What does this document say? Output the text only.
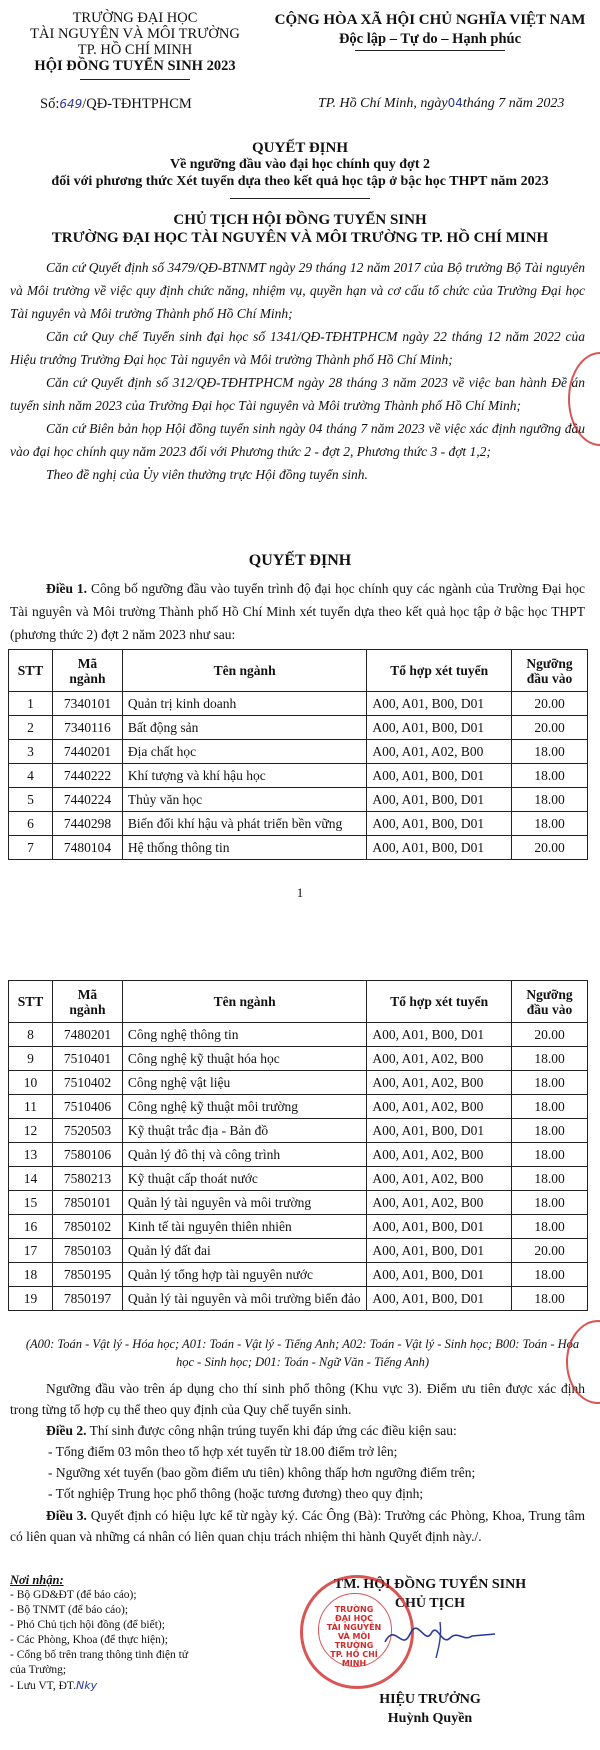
TRƯỜNG ĐẠI HỌC
TÀI NGUYÊN VÀ MÔI TRƯỜNG
TP. HỒ CHÍ MINH
HỘI ĐỒNG TUYỂN SINH 2023
Số:649/QĐ-TĐHTPHCM
CỘNG HÒA XÃ HỘI CHỦ NGHĨA VIỆT NAM
Độc lập – Tự do – Hạnh phúc
TP. Hồ Chí Minh, ngày04tháng 7 năm 2023
QUYẾT ĐỊNH
Về ngưỡng đầu vào đại học chính quy đợt 2
đối với phương thức Xét tuyển dựa theo kết quả học tập ở bậc học THPT năm 2023
CHỦ TỊCH HỘI ĐỒNG TUYỂN SINH
TRƯỜNG ĐẠI HỌC TÀI NGUYÊN VÀ MÔI TRƯỜNG TP. HỒ CHÍ MINH

Căn cứ Quyết định số 3479/QĐ-BTNMT ngày 29 tháng 12 năm 2017 của Bộ trưởng Bộ Tài nguyên và Môi trường về việc quy định chức năng, nhiệm vụ, quyền hạn và cơ cấu tổ chức của Trường Đại học Tài nguyên và Môi trường Thành phố Hồ Chí Minh;

Căn cứ Quy chế Tuyển sinh đại học số 1341/QĐ-TĐHTPHCM ngày 22 tháng 12 năm 2022 của Hiệu trưởng Trường Đại học Tài nguyên và Môi trường Thành phố Hồ Chí Minh;

Căn cứ Quyết định số 312/QĐ-TĐHTPHCM ngày 28 tháng 3 năm 2023 về việc ban hành Đề án tuyển sinh năm 2023 của Trường Đại học Tài nguyên và Môi trường Thành phố Hồ Chí Minh;

Căn cứ Biên bản họp Hội đồng tuyển sinh ngày 04 tháng 7 năm 2023 về việc xác định ngưỡng đầu vào đại học chính quy năm 2023 đối với Phương thức 2 - đợt 2, Phương thức 3 - đợt 1,2;

Theo đề nghị của Ủy viên thường trực Hội đồng tuyển sinh.

QUYẾT ĐỊNH

Điều 1. Công bố ngưỡng đầu vào tuyển trình độ đại học chính quy các ngành của Trường Đại học Tài nguyên và Môi trường Thành phố Hồ Chí Minh xét tuyển dựa theo kết quả học tập ở bậc học THPT (phương thức 2) đợt 2 năm 2023 như sau:

STT	Mã
ngành	Tên ngành	Tổ hợp xét tuyển	Ngưỡng
đầu vào
1	7340101	Quản trị kinh doanh	A00, A01, B00, D01	20.00
2	7340116	Bất động sản	A00, A01, B00, D01	20.00
3	7440201	Địa chất học	A00, A01, A02, B00	18.00
4	7440222	Khí tượng và khí hậu học	A00, A01, B00, D01	18.00
5	7440224	Thủy văn học	A00, A01, B00, D01	18.00
6	7440298	Biến đổi khí hậu và phát triển bền vững	A00, A01, B00, D01	18.00
7	7480104	Hệ thống thông tin	A00, A01, B00, D01	20.00
1
STT	Mã
ngành	Tên ngành	Tổ hợp xét tuyển	Ngưỡng
đầu vào
8	7480201	Công nghệ thông tin	A00, A01, B00, D01	20.00
9	7510401	Công nghệ kỹ thuật hóa học	A00, A01, A02, B00	18.00
10	7510402	Công nghệ vật liệu	A00, A01, A02, B00	18.00
11	7510406	Công nghệ kỹ thuật môi trường	A00, A01, A02, B00	18.00
12	7520503	Kỹ thuật trắc địa - Bản đồ	A00, A01, B00, D01	18.00
13	7580106	Quản lý đô thị và công trình	A00, A01, A02, B00	18.00
14	7580213	Kỹ thuật cấp thoát nước	A00, A01, A02, B00	18.00
15	7850101	Quản lý tài nguyên và môi trường	A00, A01, A02, B00	18.00
16	7850102	Kinh tế tài nguyên thiên nhiên	A00, A01, B00, D01	18.00
17	7850103	Quản lý đất đai	A00, A01, B00, D01	20.00
18	7850195	Quản lý tổng hợp tài nguyên nước	A00, A01, B00, D01	18.00
19	7850197	Quản lý tài nguyên và môi trường biển đảo	A00, A01, B00, D01	18.00
(A00: Toán - Vật lý - Hóa học; A01: Toán - Vật lý - Tiếng Anh; A02: Toán - Vật lý - Sinh học; B00: Toán - Hóa học - Sinh học; D01: Toán - Ngữ Văn - Tiếng Anh)

Ngưỡng đầu vào trên áp dụng cho thí sinh phổ thông (Khu vực 3). Điểm ưu tiên được xác định trong từng tổ hợp cụ thể theo quy định của Quy chế tuyển sinh.

Điều 2. Thí sinh được công nhận trúng tuyển khi đáp ứng các điều kiện sau:

- Tổng điểm 03 môn theo tổ hợp xét tuyển từ 18.00 điểm trở lên;
- Ngưỡng xét tuyển (bao gồm điểm ưu tiên) không thấp hơn ngưỡng điểm trên;
- Tốt nghiệp Trung học phổ thông (hoặc tương đương) theo quy định;

Điều 3. Quyết định có hiệu lực kể từ ngày ký. Các Ông (Bà): Trưởng các Phòng, Khoa, Trung tâm có liên quan và những cá nhân có liên quan chịu trách nhiệm thi hành Quyết định này./.

Nơi nhận:
- Bộ GD&ĐT (để báo cáo);
- Bộ TNMT (để báo cáo);
- Phó Chủ tịch hội đồng (để biết);
- Các Phòng, Khoa (để thực hiện);
- Cổng bố trên trang thông tinh điện tử
của Trường;
- Lưu VT, ĐT.Nky
TM. HỘI ĐỒNG TUYỂN SINH
CHỦ TỊCH
TRƯỜNG
ĐẠI HỌC
TÀI NGUYÊN
VÀ MÔI TRƯỜNG
TP. HỒ CHÍ MINH
HIỆU TRƯỞNG
Huỳnh Quyền
